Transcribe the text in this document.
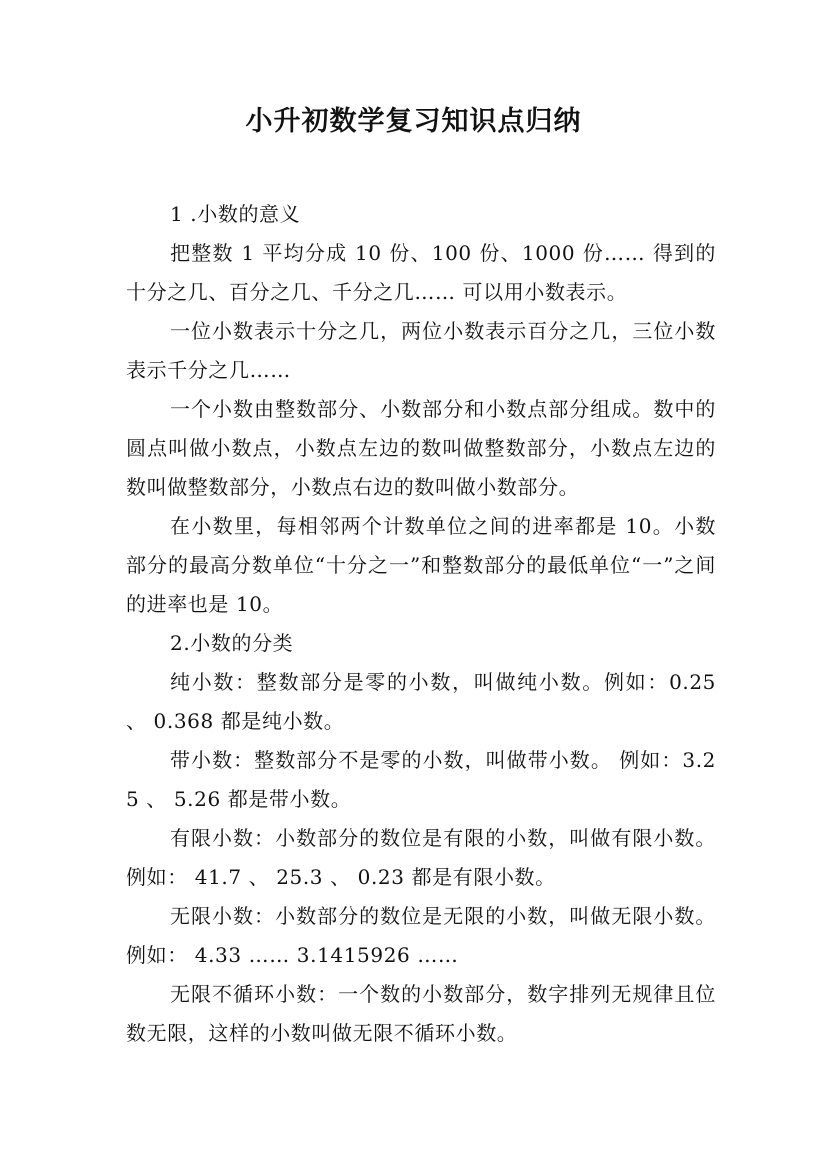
小升初数学复习知识点归纳

1 .小数的意义

把整数 1 平均分成 10 份、100 份、1000 份…… 得到的十分之几、百分之几、千分之几…… 可以用小数表示。

一位小数表示十分之几，两位小数表示百分之几，三位小数表示千分之几……

一个小数由整数部分、小数部分和小数点部分组成。数中的圆点叫做小数点，小数点左边的数叫做整数部分，小数点左边的数叫做整数部分，小数点右边的数叫做小数部分。

在小数里，每相邻两个计数单位之间的进率都是 10。小数部分的最高分数单位“十分之一”和整数部分的最低单位“一”之间的进率也是 10。

2.小数的分类

纯小数：整数部分是零的小数，叫做纯小数。例如：0.25 、 0.368 都是纯小数。

带小数：整数部分不是零的小数，叫做带小数。 例如：3.25 、 5.26 都是带小数。

有限小数：小数部分的数位是有限的小数，叫做有限小数。 例如： 41.7 、 25.3 、 0.23 都是有限小数。

无限小数：小数部分的数位是无限的小数，叫做无限小数。 例如： 4.33 …… 3.1415926 ……

无限不循环小数：一个数的小数部分，数字排列无规律且位数无限，这样的小数叫做无限不循环小数。
